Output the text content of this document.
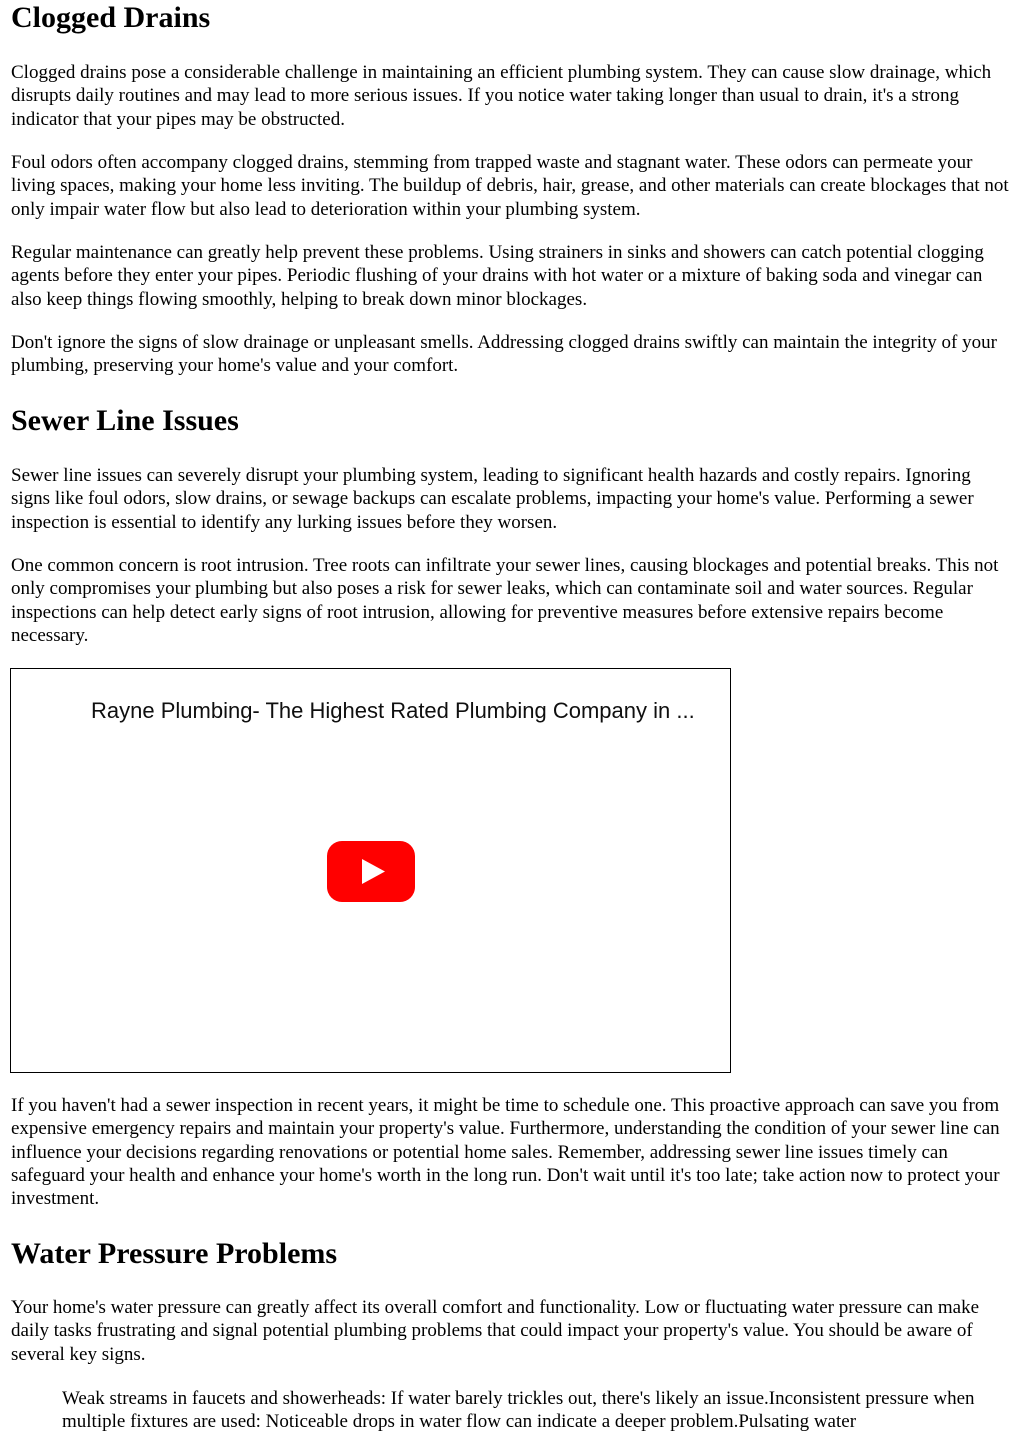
Clogged Drains

Clogged drains pose a considerable challenge in maintaining an efficient plumbing system. They can cause slow drainage, which disrupts daily routines and may lead to more serious issues. If you notice water taking longer than usual to drain, it's a strong indicator that your pipes may be obstructed.

Foul odors often accompany clogged drains, stemming from trapped waste and stagnant water. These odors can permeate your living spaces, making your home less inviting. The buildup of debris, hair, grease, and other materials can create blockages that not only impair water flow but also lead to deterioration within your plumbing system.

Regular maintenance can greatly help prevent these problems. Using strainers in sinks and showers can catch potential clogging agents before they enter your pipes. Periodic flushing of your drains with hot water or a mixture of baking soda and vinegar can also keep things flowing smoothly, helping to break down minor blockages.

Don't ignore the signs of slow drainage or unpleasant smells. Addressing clogged drains swiftly can maintain the integrity of your plumbing, preserving your home's value and your comfort.

Sewer Line Issues

Sewer line issues can severely disrupt your plumbing system, leading to significant health hazards and costly repairs. Ignoring signs like foul odors, slow drains, or sewage backups can escalate problems, impacting your home's value. Performing a sewer inspection is essential to identify any lurking issues before they worsen.

One common concern is root intrusion. Tree roots can infiltrate your sewer lines, causing blockages and potential breaks. This not only compromises your plumbing but also poses a risk for sewer leaks, which can contaminate soil and water sources. Regular inspections can help detect early signs of root intrusion, allowing for preventive measures before extensive repairs become necessary.

Rayne Plumbing- The Highest Rated Plumbing Company in ...

If you haven't had a sewer inspection in recent years, it might be time to schedule one. This proactive approach can save you from expensive emergency repairs and maintain your property's value. Furthermore, understanding the condition of your sewer line can influence your decisions regarding renovations or potential home sales. Remember, addressing sewer line issues timely can safeguard your health and enhance your home's worth in the long run. Don't wait until it's too late; take action now to protect your investment.

Water Pressure Problems

Your home's water pressure can greatly affect its overall comfort and functionality. Low or fluctuating water pressure can make daily tasks frustrating and signal potential plumbing problems that could impact your property's value. You should be aware of several key signs.

Weak streams in faucets and showerheads: If water barely trickles out, there's likely an issue.Inconsistent pressure when multiple fixtures are used: Noticeable drops in water flow can indicate a deeper problem.Pulsating water
